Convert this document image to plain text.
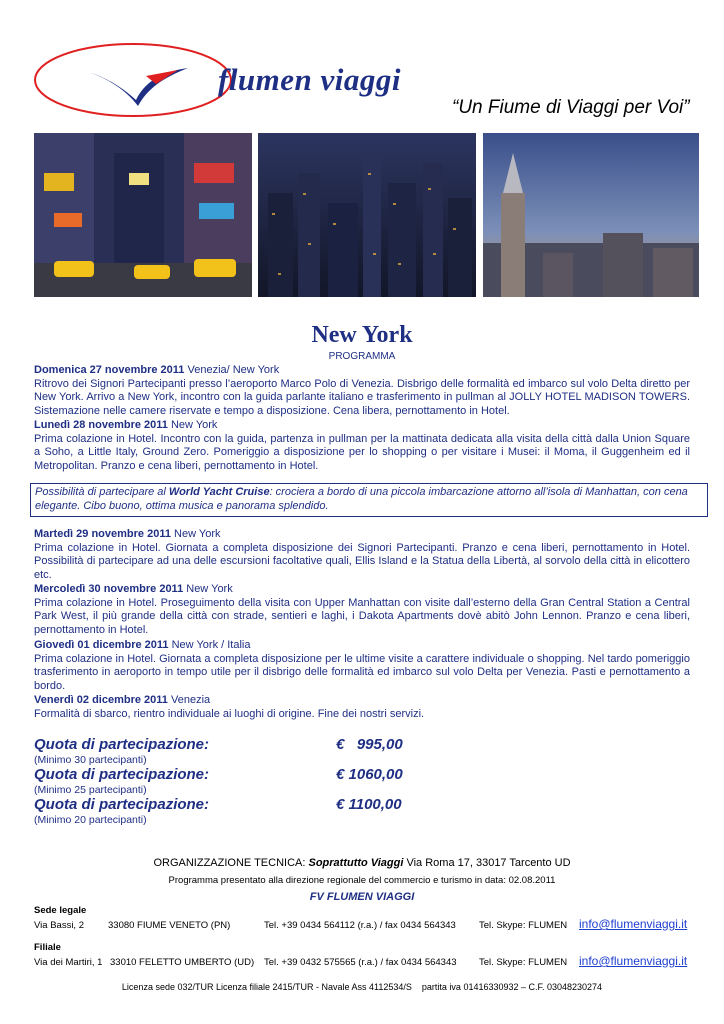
flumen viaggi
“Un Fiume di Viaggi per Voi”
New York
PROGRAMMA
Domenica 27 novembre 2011 Venezia/ New York
Ritrovo dei Signori Partecipanti presso l’aeroporto Marco Polo di Venezia. Disbrigo delle formalità ed imbarco sul volo Delta diretto per New York. Arrivo a New York, incontro con la guida parlante italiano e trasferimento in pullman al JOLLY HOTEL MADISON TOWERS. Sistemazione nelle camere riservate e tempo a disposizione. Cena libera, pernottamento in Hotel.
Lunedì 28 novembre 2011 New York
Prima colazione in Hotel. Incontro con la guida, partenza in pullman per la mattinata dedicata alla visita della città dalla Union Square a Soho, a Little Italy, Ground Zero. Pomeriggio a disposizione per lo shopping o per visitare i Musei: il Moma, il Guggenheim ed il Metropolitan. Pranzo e cena liberi, pernottamento in Hotel.
Possibilità di partecipare al World Yacht Cruise: crociera a bordo di una piccola imbarcazione attorno all’isola di Manhattan, con cena elegante. Cibo buono, ottima musica e panorama splendido.
Martedì 29 novembre 2011 New York
Prima colazione in Hotel. Giornata a completa disposizione dei Signori Partecipanti. Pranzo e cena liberi, pernottamento in Hotel. Possibilità di partecipare ad una delle escursioni facoltative quali, Ellis Island e la Statua della Libertà, al sorvolo della città in elicottero etc.
Mercoledì 30 novembre 2011 New York
Prima colazione in Hotel. Proseguimento della visita con Upper Manhattan con visite dall’esterno della Gran Central Station a Central Park West, il più grande della città con strade, sentieri e laghi, i Dakota Apartments dovè abitò John Lennon. Pranzo e cena liberi, pernottamento in Hotel.
Giovedì 01 dicembre 2011 New York / Italia
Prima colazione in Hotel. Giornata a completa disposizione per le ultime visite a carattere individuale o shopping. Nel tardo pomeriggio trasferimento in aeroporto in tempo utile per il disbrigo delle formalità ed imbarco sul volo Delta per Venezia. Pasti e pernottamento a bordo.
Venerdì 02 dicembre 2011 Venezia
Formalità di sbarco, rientro individuale ai luoghi di origine. Fine dei nostri servizi.
Quota di partecipazione:	€   995,00
(Minimo 30 partecipanti)
Quota di partecipazione:	€ 1060,00
(Minimo 25 partecipanti)
Quota di partecipazione:	€ 1100,00
(Minimo 20 partecipanti)
ORGANIZZAZIONE TECNICA: Soprattutto Viaggi Via Roma 17, 33017 Tarcento UD
Programma presentato alla direzione regionale del commercio e turismo in data: 02.08.2011
FV FLUMEN VIAGGI
Sede legale
Via Bassi, 2	33080 FIUME VENETO (PN)	Tel. +39 0434 564112 (r.a.) / fax 0434 564343 Tel. Skype: FLUMEN info@flumenviaggi.it
Filiale
Via dei Martiri, 1 33010 FELETTO UMBERTO (UD) Tel. +39 0432 575565 (r.a.) / fax 0434 564343 Tel. Skype: FLUMEN info@flumenviaggi.it
Licenza sede 032/TUR Licenza filiale 2415/TUR - Navale Ass 4112534/S    partita iva 01416330932 – C.F. 03048230274
